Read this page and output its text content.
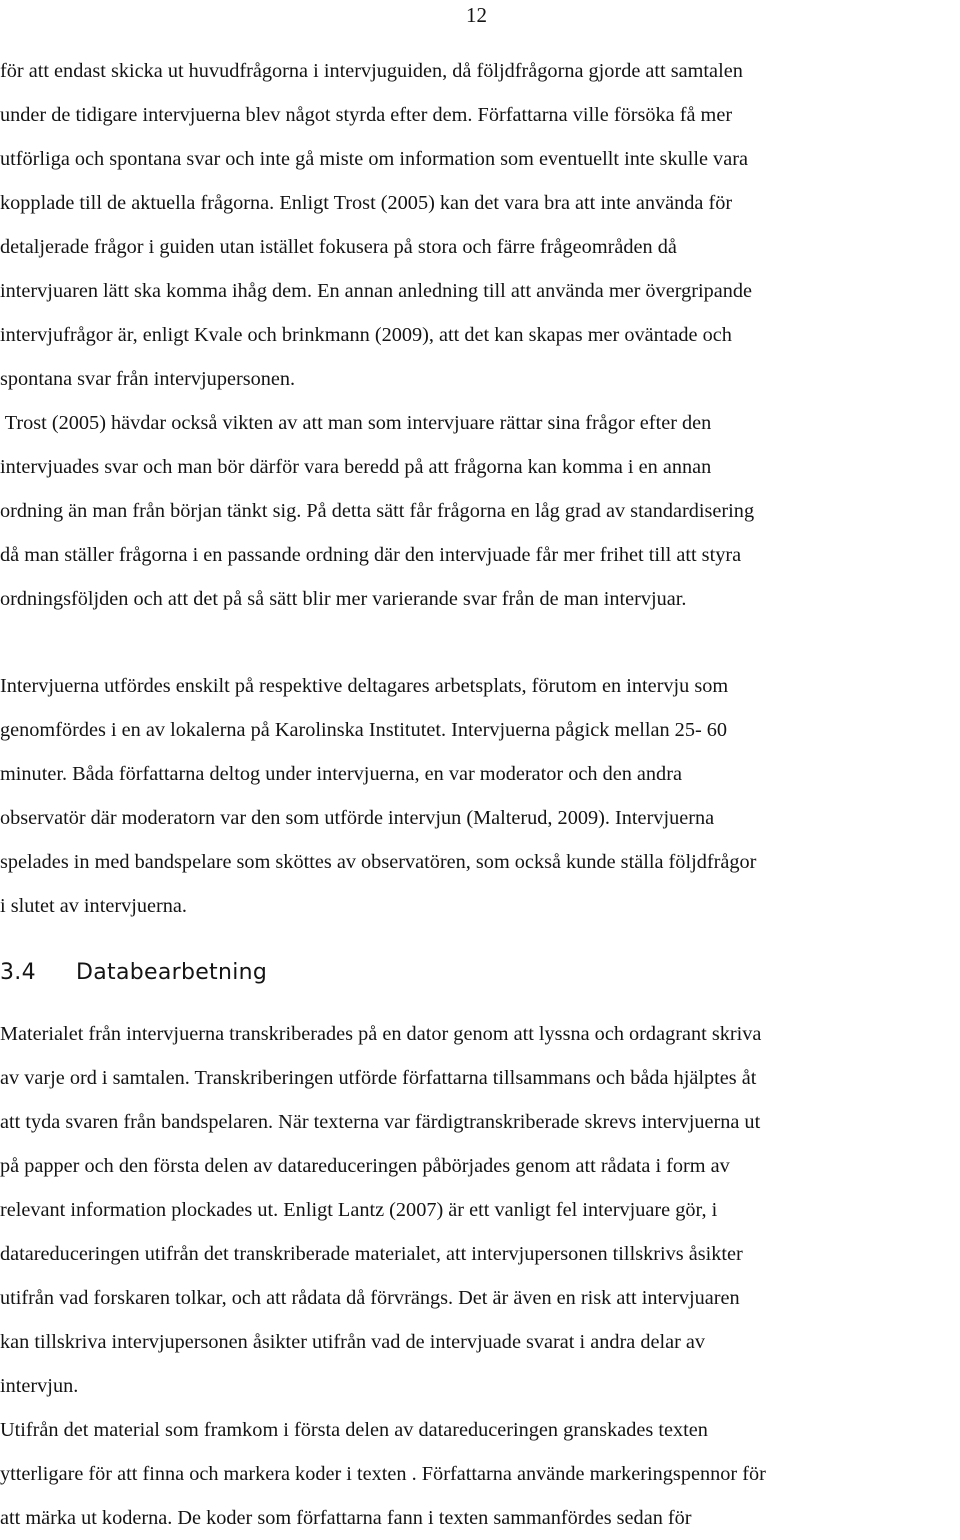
12

för att endast skicka ut huvudfrågorna i intervjuguiden, då följdfrågorna gjorde att samtalen
under de tidigare intervjuerna blev något styrda efter dem. Författarna ville försöka få mer
utförliga och spontana svar och inte gå miste om information som eventuellt inte skulle vara
kopplade till de aktuella frågorna. Enligt Trost (2005) kan det vara bra att inte använda för
detaljerade frågor i guiden utan istället fokusera på stora och färre frågeområden då
intervjuaren lätt ska komma ihåg dem. En annan anledning till att använda mer övergripande
intervjufrågor är, enligt Kvale och brinkmann (2009), att det kan skapas mer oväntade och
spontana svar från intervjupersonen.

Trost (2005) hävdar också vikten av att man som intervjuare rättar sina frågor efter den
intervjuades svar och man bör därför vara beredd på att frågorna kan komma i en annan
ordning än man från början tänkt sig. På detta sätt får frågorna en låg grad av standardisering
då man ställer frågorna i en passande ordning där den intervjuade får mer frihet till att styra
ordningsföljden och att det på så sätt blir mer varierande svar från de man intervjuar.

Intervjuerna utfördes enskilt på respektive deltagares arbetsplats, förutom en intervju som
genomfördes i en av lokalerna på Karolinska Institutet. Intervjuerna pågick mellan 25- 60
minuter. Båda författarna deltog under intervjuerna, en var moderator och den andra
observatör där moderatorn var den som utförde intervjun (Malterud, 2009). Intervjuerna
spelades in med bandspelare som sköttes av observatören, som också kunde ställa följdfrågor
i slutet av intervjuerna.

3.4 Databearbetning

Materialet från intervjuerna transkriberades på en dator genom att lyssna och ordagrant skriva
av varje ord i samtalen. Transkriberingen utförde författarna tillsammans och båda hjälptes åt
att tyda svaren från bandspelaren. När texterna var färdigtranskriberade skrevs intervjuerna ut
på papper och den första delen av datareduceringen påbörjades genom att rådata i form av
relevant information plockades ut. Enligt Lantz (2007) är ett vanligt fel intervjuare gör, i
datareduceringen utifrån det transkriberade materialet, att intervjupersonen tillskrivs åsikter
utifrån vad forskaren tolkar, och att rådata då förvrängs. Det är även en risk att intervjuaren
kan tillskriva intervjupersonen åsikter utifrån vad de intervjuade svarat i andra delar av
intervjun.

Utifrån det material som framkom i första delen av datareduceringen granskades texten
ytterligare för att finna och markera koder i texten . Författarna använde markeringspennor för
att märka ut koderna. De koder som författarna fann i texten sammanfördes sedan för
